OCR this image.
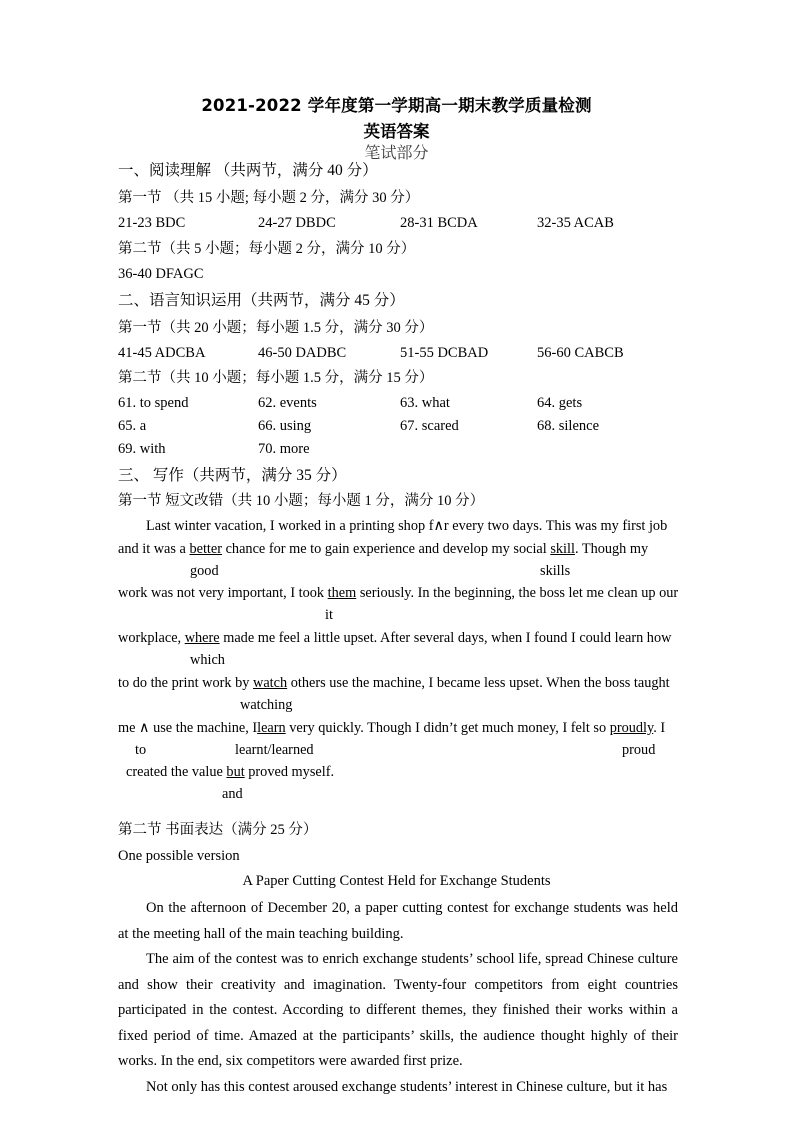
2021-2022 学年度第一学期高一期末教学质量检测
英语答案
笔试部分
一、阅读理解 （共两节，满分 40 分）
第一节 （共 15 小题; 每小题 2 分，满分 30 分）
21-23 BDC	24-27 DBDC	28-31 BCDA	32-35 ACAB
第二节（共 5 小题；每小题 2 分，满分 10 分）
36-40 DFAGC
二、语言知识运用（共两节，满分 45 分）
第一节（共 20 小题；每小题 1.5 分，满分 30 分）
41-45 ADCBA	46-50 DADBC	51-55 DCBAD	56-60 CABCB
第二节（共 10 小题；每小题 1.5 分，满分 15 分）
61. to spend	62. events	63. what	64. gets
65. a	66. using	67. scared	68. silence
69. with	70. more
三、 写作（共两节，满分 35 分）
第一节 短文改错（共 10 小题；每小题 1 分，满分 10 分）
Last winter vacation, I worked in a printing shop f∧r every two days. This was my first job
and it was a better chance for me to gain experience and develop my social skill. Though my
good	skills
work was not very important, I took them seriously. In the beginning, the boss let me clean up our
it
workplace, where made me feel a little upset. After several days, when I found I could learn how
which
to do the print work by watch others use the machine, I became less upset. When the boss taught
watching
me ∧ use the machine, Ilearn very quickly. Though I didn’t get much money, I felt so proudly. I
to	learnt/learned	proud
created the value but proved myself.
and
第二节 书面表达（满分 25 分）
One possible version
A Paper Cutting Contest Held for Exchange Students
On the afternoon of December 20, a paper cutting contest for exchange students was held at the meeting hall of the main teaching building.
The aim of the contest was to enrich exchange students’ school life, spread Chinese culture and show their creativity and imagination. Twenty-four competitors from eight countries participated in the contest. According to different themes, they finished their works within a fixed period of time. Amazed at the participants’ skills, the audience thought highly of their works. In the end, six competitors were awarded first prize.
Not only has this contest aroused exchange students’ interest in Chinese culture, but it has
